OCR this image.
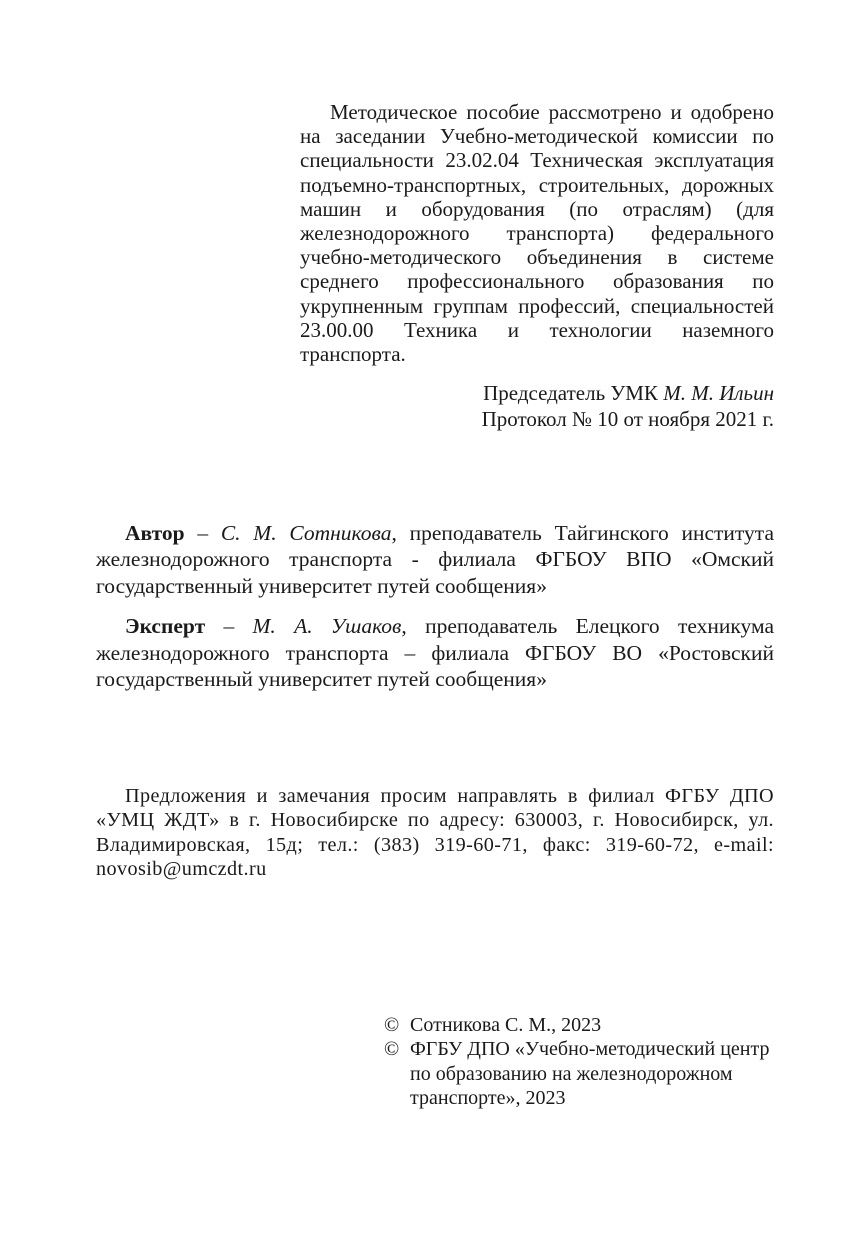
Методическое пособие рассмотрено и одобрено на заседании Учебно-методической комиссии по специальности 23.02.04 Техническая эксплуатация подъемно-транспортных, строительных, дорожных машин и оборудования (по отраслям) (для железнодорожного транспорта) федерального учебно-методического объединения в системе среднего профессионального образования по укрупненным группам профессий, специальностей 23.00.00 Техника и технологии наземного транспорта.

Председатель УМК М. М. Ильин
Протокол № 10 от ноября 2021 г.

Автор – С. М. Сотникова, преподаватель Тайгинского института железнодорожного транспорта - филиала ФГБОУ ВПО «Омский государственный университет путей сообщения»

Эксперт – М. А. Ушаков, преподаватель Елецкого техникума железнодорожного транспорта – филиала ФГБОУ ВО «Ростовский государственный университет путей сообщения»

Предложения и замечания просим направлять в филиал ФГБУ ДПО «УМЦ ЖДТ» в г. Новосибирске по адресу: 630003, г. Новосибирск, ул. Владимировская, 15д; тел.: (383) 319-60-71, факс: 319-60-72, e-mail: novosib@umczdt.ru

© Сотникова С. М., 2023
© ФГБУ ДПО «Учебно-методический центр по образованию на железнодорожном транспорте», 2023
